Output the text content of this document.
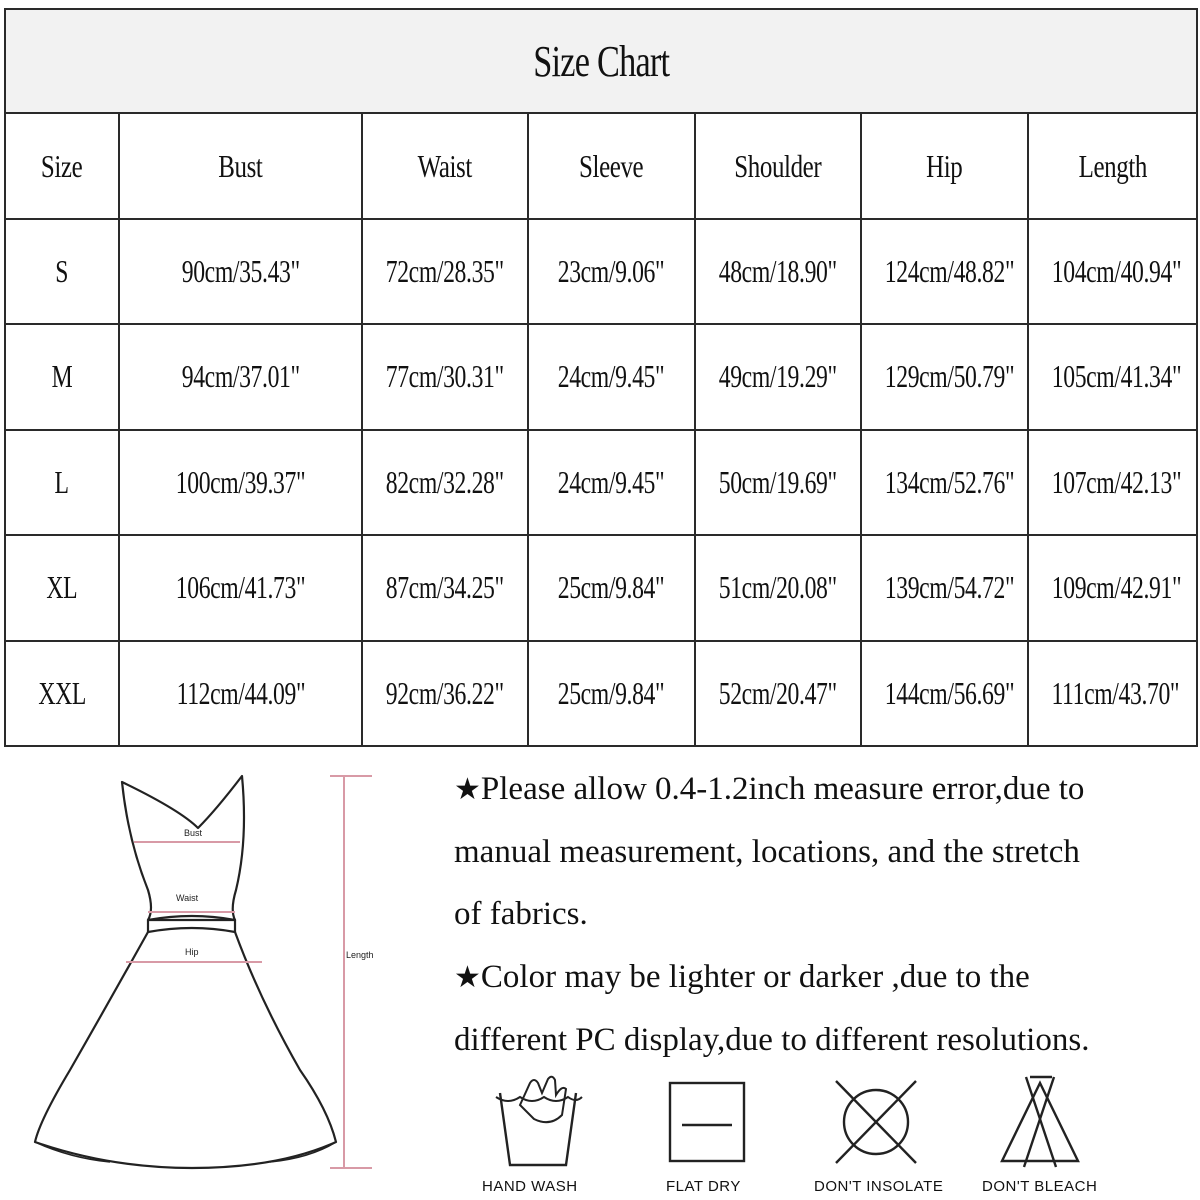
Size Chart						
Size	Bust	Waist	Sleeve	Shoulder	Hip	Length
S	90cm/35.43"	72cm/28.35"	23cm/9.06"	48cm/18.90"	124cm/48.82"	104cm/40.94"
M	94cm/37.01"	77cm/30.31"	24cm/9.45"	49cm/19.29"	129cm/50.79"	105cm/41.34"
L	100cm/39.37"	82cm/32.28"	24cm/9.45"	50cm/19.69"	134cm/52.76"	107cm/42.13"
XL	106cm/41.73"	87cm/34.25"	25cm/9.84"	51cm/20.08"	139cm/54.72"	109cm/42.91"
XXL	112cm/44.09"	92cm/36.22"	25cm/9.84"	52cm/20.47"	144cm/56.69"	111cm/43.70"
Bust
Waist
Hip	Length
★Please allow 0.4-1.2inch measure error,due to
manual measurement, locations, and the stretch
of fabrics.
★Color may be lighter or darker ,due to the
different PC display,due to different resolutions.
HAND WASH	FLAT DRY	DON'T INSOLATE	DON'T BLEACH
